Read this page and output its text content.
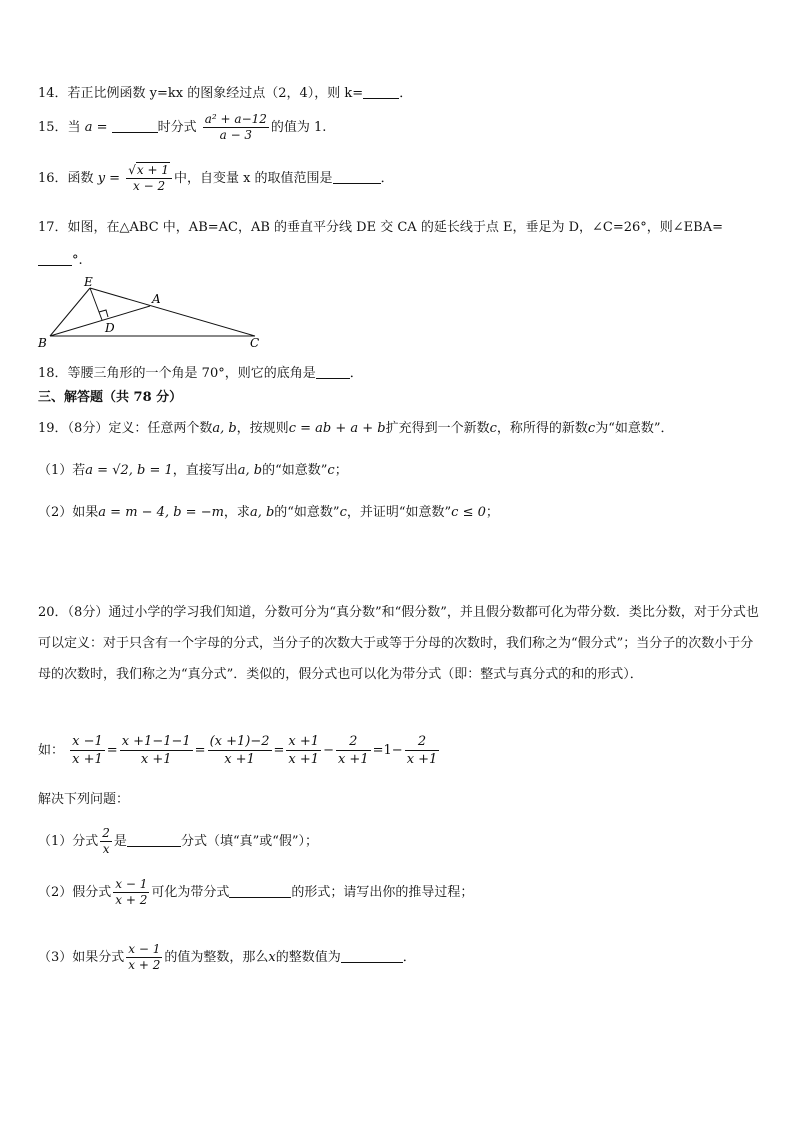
14．若正比例函数 y=kx 的图象经过点（2，4），则 k=	．
15．当 a =	时分式 $\frac{\text{a² + a−12}}{a - 3}$ 的值为 1.
16．函数 $y = \frac{√x + 1}{x - 2}$ 中，自变量 x 的取值范围是	．
17．如图，在△ABC 中，AB=AC，AB 的垂直平分线 DE 交 CA 的延长线于点 E，垂足为 D，∠C=26°，则∠EBA=
°.
E
A
D
B	C
18．等腰三角形的一个角是 70°，则它的底角是	．
三、解答题（共 78 分）
19．（8分）定义：任意两个数a, b，按规则c = ab + a + b扩充得到一个新数c，称所得的新数c为“如意数”．
（1）若a = √2, b = 1，直接写出a, b的“如意数”c；
（2）如果a = m − 4, b = −m，求a, b的“如意数”c，并证明“如意数”c ≤ 0；
20．（8分）通过小学的学习我们知道，分数可分为“真分数”和“假分数”，并且假分数都可化为带分数．类比分数，对于分式也可以定义：对于只含有一个字母的分式，当分子的次数大于或等于分母的次数时，我们称之为“假分式”；当分子的次数小于分母的次数时，我们称之为“真分式”．类似的，假分式也可以化为带分式（即：整式与真分式的和的形式）．
如： $\frac{x -1}{x +1} = \frac{x +1-1-1}{x +1} = \frac{(x +1)-2}{x +1} = \frac{x +1}{x +1} - \frac{2}{x +1} =1- \frac{2}{x +1}$
解决下列问题：
（1）分式 $\frac{2}{x}$ 是	分式（填“真”或“假”）；
（2）假分式 $\frac{x - 1}{x + 2}$ 可化为带分式	的形式；请写出你的推导过程；
（3）如果分式 $\frac{x - 1}{x + 2}$ 的值为整数，那么x的整数值为	．
